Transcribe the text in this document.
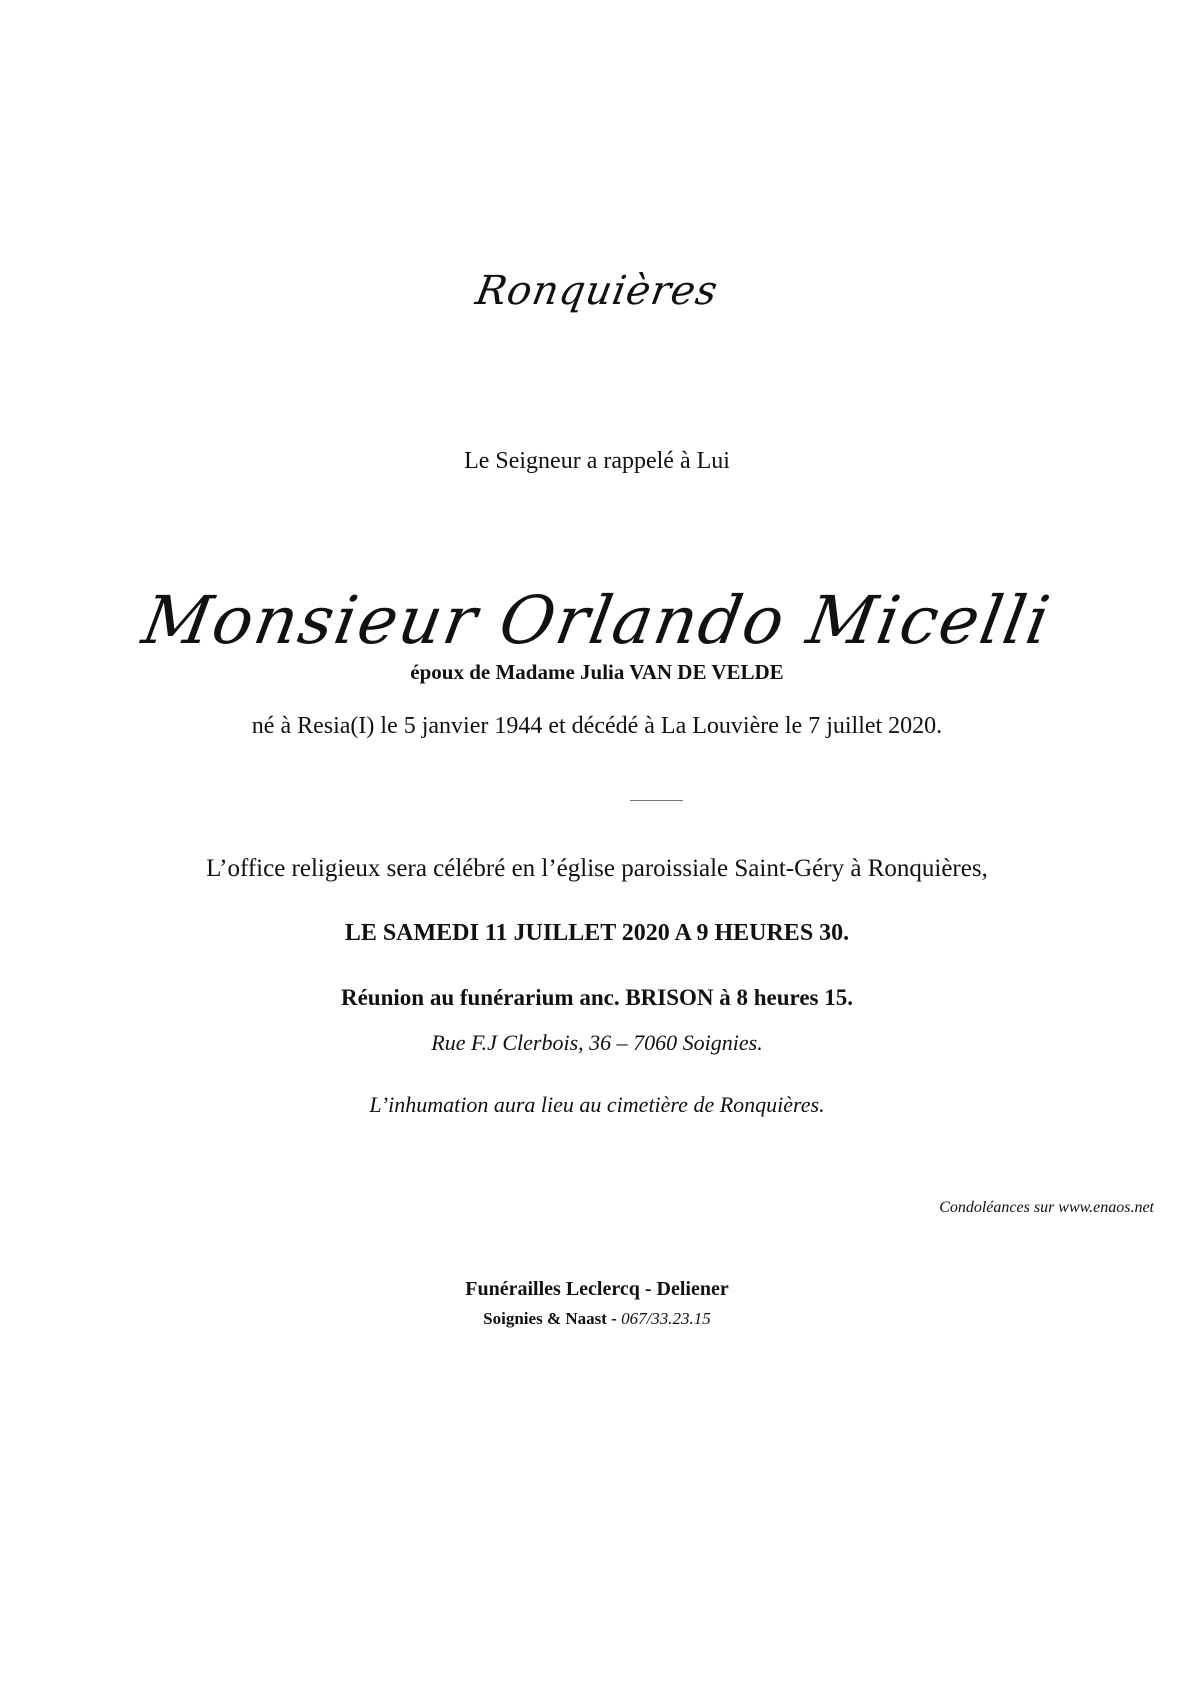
Ronquières

Le Seigneur a rappelé à Lui

Monsieur Orlando Micelli

époux de Madame Julia VAN DE VELDE

né à Resia(I) le 5 janvier 1944 et décédé à La Louvière le 7 juillet 2020.

L’office religieux sera célébré en l’église paroissiale Saint-Géry à Ronquières,

LE SAMEDI 11 JUILLET 2020 A 9 HEURES 30.

Réunion au funérarium anc. BRISON à 8 heures 15.

Rue F.J Clerbois, 36 – 7060 Soignies.

L’inhumation aura lieu au cimetière de Ronquières.

Condoléances sur www.enaos.net

Funérailles Leclercq - Deliener

Soignies & Naast - 067/33.23.15
